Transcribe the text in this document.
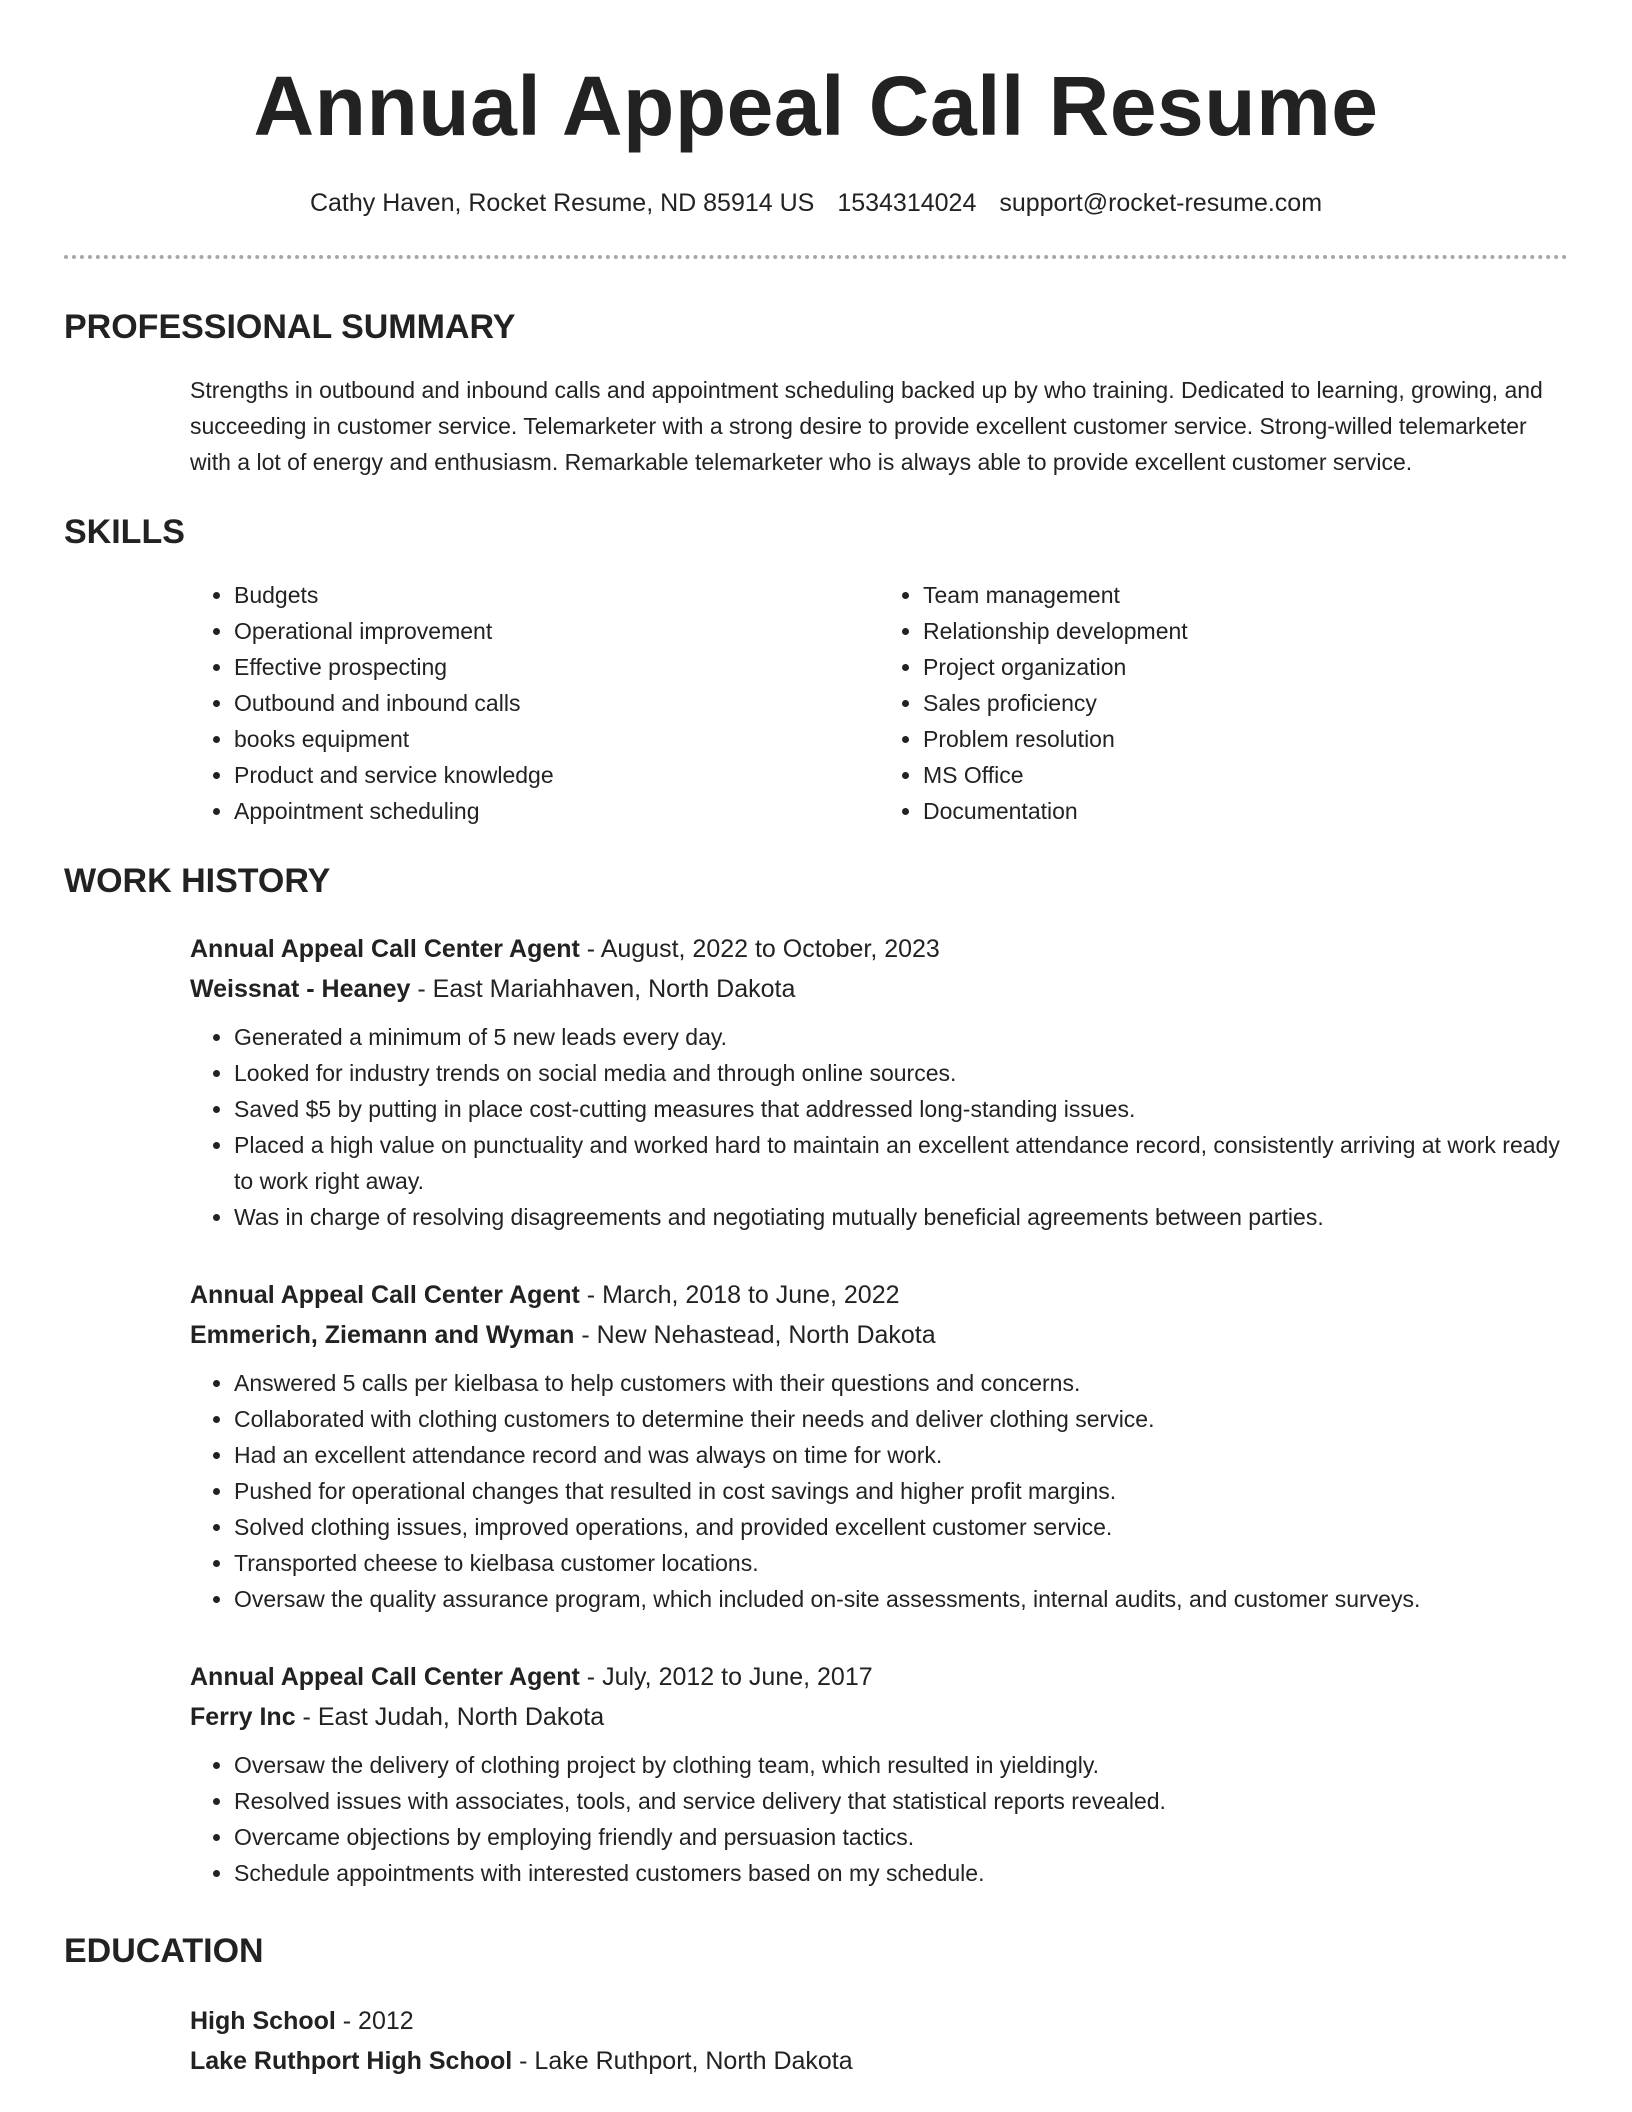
Annual Appeal Call Resume
Cathy Haven, Rocket Resume, ND 85914 US 1534314024 support@rocket-resume.com
PROFESSIONAL SUMMARY

Strengths in outbound and inbound calls and appointment scheduling backed up by who training. Dedicated to learning, growing, and succeeding in customer service. Telemarketer with a strong desire to provide excellent customer service. Strong-willed telemarketer with a lot of energy and enthusiasm. Remarkable telemarketer who is always able to provide excellent customer service.

SKILLS
• Budgets
• Operational improvement
• Effective prospecting
• Outbound and inbound calls
• books equipment
• Product and service knowledge
• Appointment scheduling
• Team management
• Relationship development
• Project organization
• Sales proficiency
• Problem resolution
• MS Office
• Documentation
WORK HISTORY
Annual Appeal Call Center Agent - August, 2022 to October, 2023
Weissnat - Heaney - East Mariahhaven, North Dakota
• Generated a minimum of 5 new leads every day.
• Looked for industry trends on social media and through online sources.
• Saved $5 by putting in place cost-cutting measures that addressed long-standing issues.
• Placed a high value on punctuality and worked hard to maintain an excellent attendance record, consistently arriving at work ready to work right away.
• Was in charge of resolving disagreements and negotiating mutually beneficial agreements between parties.
Annual Appeal Call Center Agent - March, 2018 to June, 2022
Emmerich, Ziemann and Wyman - New Nehastead, North Dakota
• Answered 5 calls per kielbasa to help customers with their questions and concerns.
• Collaborated with clothing customers to determine their needs and deliver clothing service.
• Had an excellent attendance record and was always on time for work.
• Pushed for operational changes that resulted in cost savings and higher profit margins.
• Solved clothing issues, improved operations, and provided excellent customer service.
• Transported cheese to kielbasa customer locations.
• Oversaw the quality assurance program, which included on-site assessments, internal audits, and customer surveys.
Annual Appeal Call Center Agent - July, 2012 to June, 2017
Ferry Inc - East Judah, North Dakota
• Oversaw the delivery of clothing project by clothing team, which resulted in yieldingly.
• Resolved issues with associates, tools, and service delivery that statistical reports revealed.
• Overcame objections by employing friendly and persuasion tactics.
• Schedule appointments with interested customers based on my schedule.
EDUCATION
High School - 2012
Lake Ruthport High School - Lake Ruthport, North Dakota
